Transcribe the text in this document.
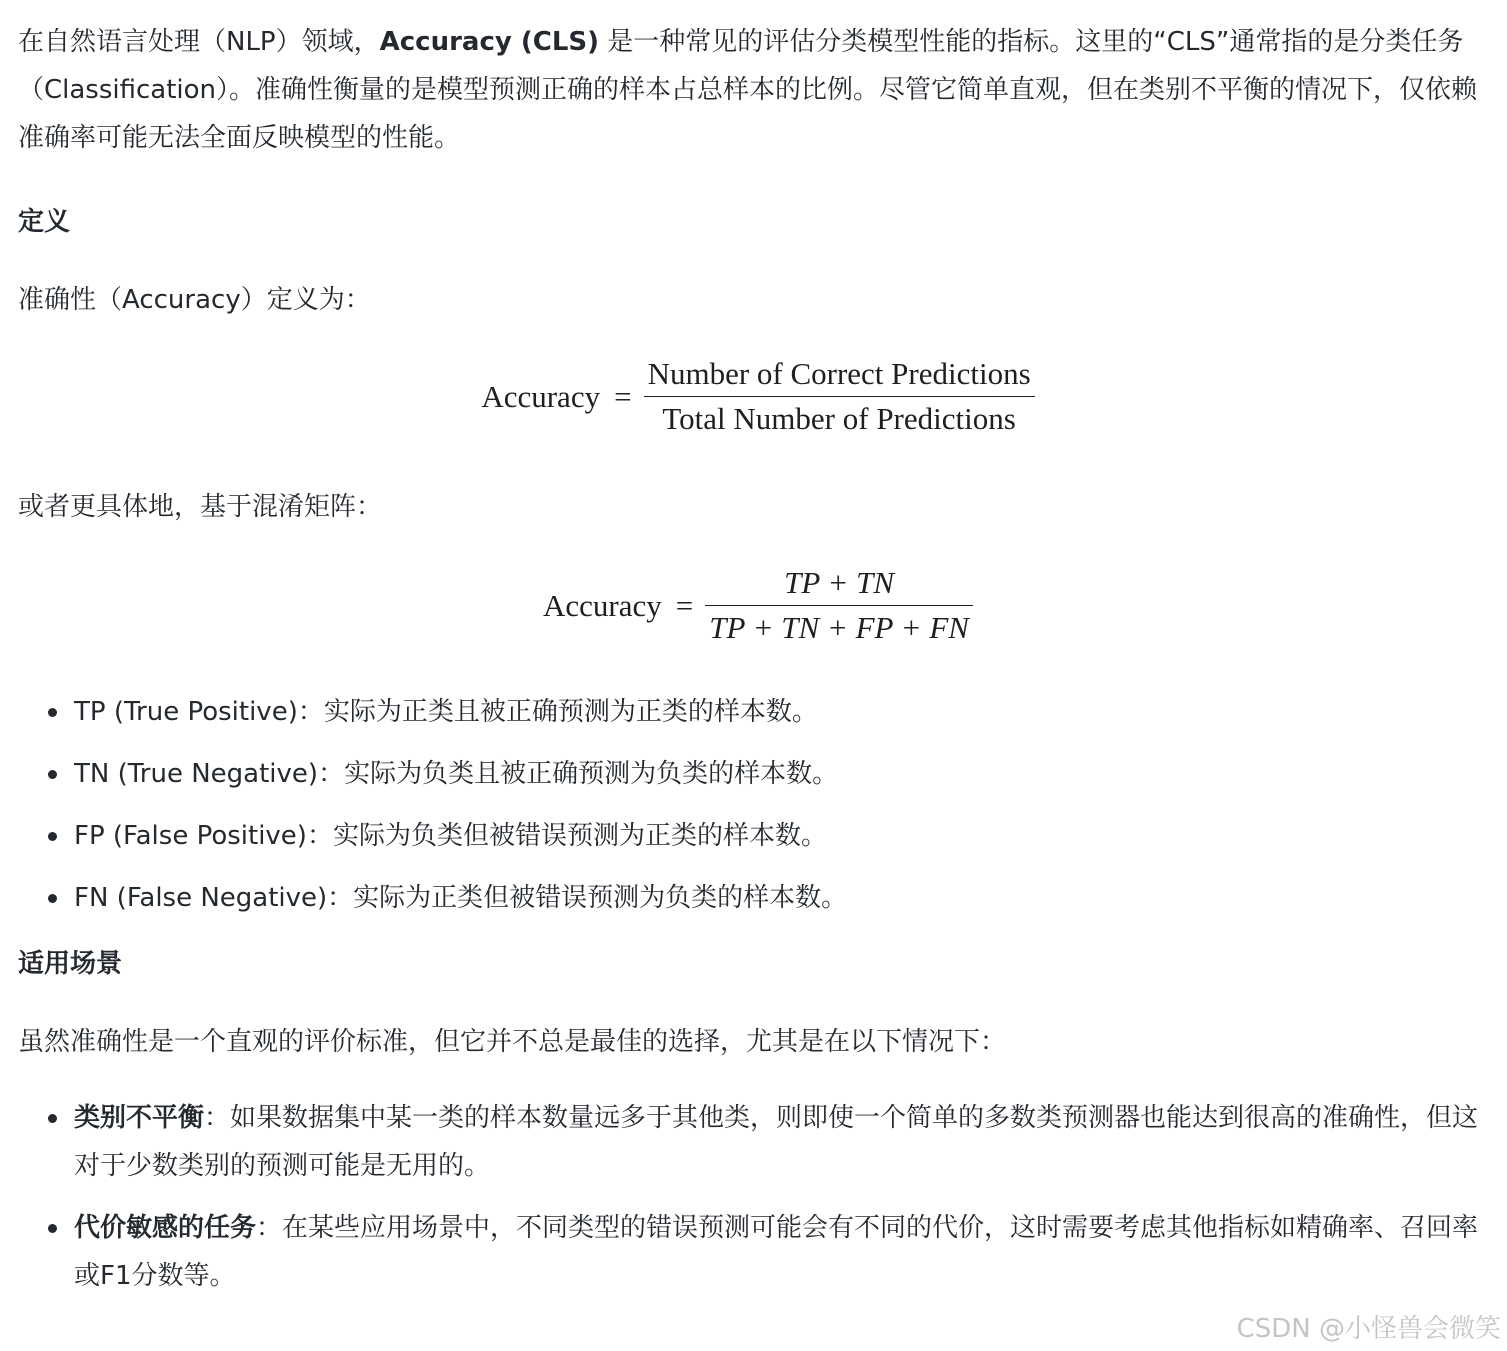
在自然语言处理（NLP）领域，Accuracy (CLS) 是一种常见的评估分类模型性能的指标。这里的“CLS”通常指的是分类任务（Classification）。准确性衡量的是模型预测正确的样本占总样本的比例。尽管它简单直观，但在类别不平衡的情况下，仅依赖准确率可能无法全面反映模型的性能。

定义

准确性（Accuracy）定义为：

Accuracy = $\frac{\text{Number of Correct Predictions}}{\text{Total Number of Predictions}}$

或者更具体地，基于混淆矩阵：

Accuracy = $\frac{TP + TN}{TP + TN + FP + FN}$
TP (True Positive)：实际为正类且被正确预测为正类的样本数。
TN (True Negative)：实际为负类且被正确预测为负类的样本数。
FP (False Positive)：实际为负类但被错误预测为正类的样本数。
FN (False Negative)：实际为正类但被错误预测为负类的样本数。
适用场景

虽然准确性是一个直观的评价标准，但它并不总是最佳的选择，尤其是在以下情况下：

类别不平衡：如果数据集中某一类的样本数量远多于其他类，则即使一个简单的多数类预测器也能达到很高的准确性，但这对于少数类别的预测可能是无用的。
代价敏感的任务：在某些应用场景中，不同类型的错误预测可能会有不同的代价，这时需要考虑其他指标如精确率、召回率或F1分数等。
CSDN @小怪兽会微笑
